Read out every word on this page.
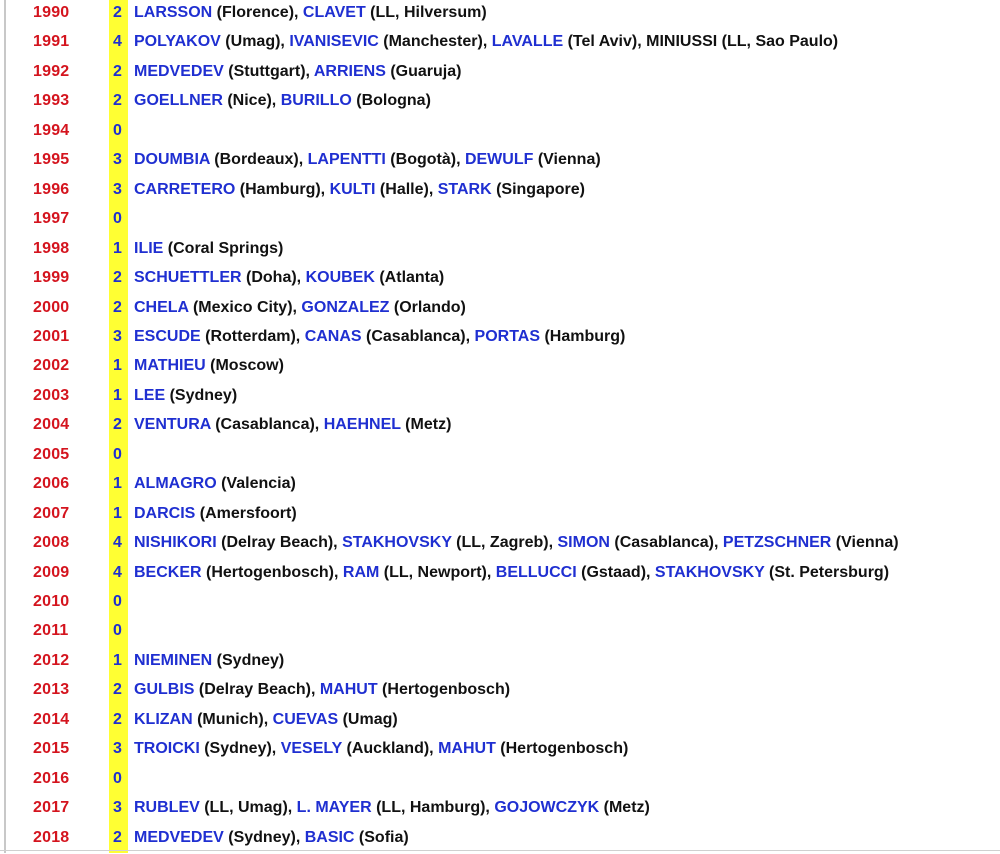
1990	2 LARSSON (Florence), CLAVET (LL, Hilversum)
1991	4 POLYAKOV (Umag), IVANISEVIC (Manchester), LAVALLE (Tel Aviv), MINIUSSI (LL, Sao Paulo)
1992	2 MEDVEDEV (Stuttgart), ARRIENS (Guaruja)
1993	2 GOELLNER (Nice), BURILLO (Bologna)
1994	0
1995	3 DOUMBIA (Bordeaux), LAPENTTI (Bogotà), DEWULF (Vienna)
1996	3 CARRETERO (Hamburg), KULTI (Halle), STARK (Singapore)
1997	0
1998	1 ILIE (Coral Springs)
1999	2 SCHUETTLER (Doha), KOUBEK (Atlanta)
2000	2 CHELA (Mexico City), GONZALEZ (Orlando)
2001	3 ESCUDE (Rotterdam), CANAS (Casablanca), PORTAS (Hamburg)
2002	1 MATHIEU (Moscow)
2003	1 LEE (Sydney)
2004	2 VENTURA (Casablanca), HAEHNEL (Metz)
2005	0
2006	1 ALMAGRO (Valencia)
2007	1 DARCIS (Amersfoort)
2008	4 NISHIKORI (Delray Beach), STAKHOVSKY (LL, Zagreb), SIMON (Casablanca), PETZSCHNER (Vienna)
2009	4 BECKER (Hertogenbosch), RAM (LL, Newport), BELLUCCI (Gstaad), STAKHOVSKY (St. Petersburg)
2010	0
2011	0
2012	1 NIEMINEN (Sydney)
2013	2 GULBIS (Delray Beach), MAHUT (Hertogenbosch)
2014	2 KLIZAN (Munich), CUEVAS (Umag)
2015	3 TROICKI (Sydney), VESELY (Auckland), MAHUT (Hertogenbosch)
2016	0
2017	3 RUBLEV (LL, Umag), L. MAYER (LL, Hamburg), GOJOWCZYK (Metz)
2018	2 MEDVEDEV (Sydney), BASIC (Sofia)
